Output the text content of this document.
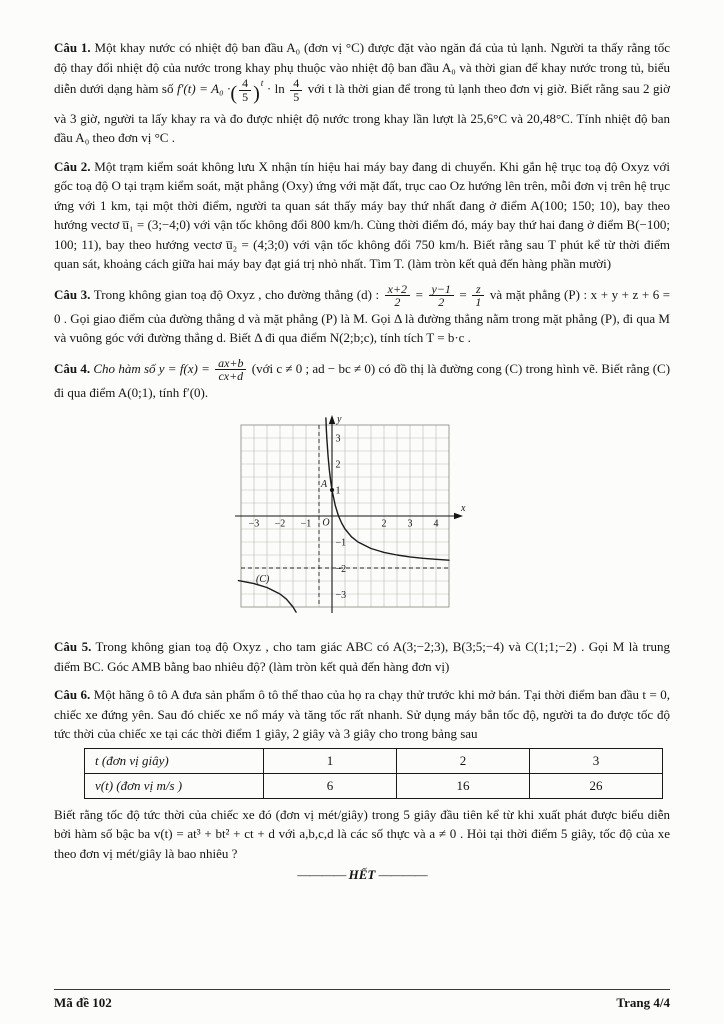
Câu 1. Một khay nước có nhiệt độ ban đầu A₀ (đơn vị °C) được đặt vào ngăn đá của tủ lạnh. Người ta thấy rằng tốc độ thay đổi nhiệt độ của nước trong khay phụ thuộc vào nhiệt độ ban đầu A₀ và thời gian để khay nước trong tủ, biểu diễn dưới dạng hàm số f′(t) = A₀ ·( $\frac{4}{5} )^t \cdot \ln \frac{4}{5}$ với t là thời gian để trong tủ lạnh theo đơn vị giờ. Biết rằng sau 2 giờ và 3 giờ, người ta lấy khay ra và đo được nhiệt độ nước trong khay lần lượt là 25,6°C và 20,48°C. Tính nhiệt độ ban đầu A₀ theo đơn vị °C .

Câu 2. Một trạm kiểm soát không lưu X nhận tín hiệu hai máy bay đang di chuyển. Khi gắn hệ trục toạ độ Oxyz với gốc toạ độ O tại trạm kiểm soát, mặt phẳng (Oxy) ứng với mặt đất, trục cao Oz hướng lên trên, mỗi đơn vị trên hệ trục ứng với 1 km, tại một thời điểm, người ta quan sát thấy máy bay thứ nhất đang ở điểm A(100; 150; 10), bay theo hướng vectơ u̅₁ = (3;−4;0) với vận tốc không đổi 800 km/h. Cùng thời điểm đó, máy bay thứ hai đang ở điểm B(−100; 100; 11), bay theo hướng vectơ u̅₂ = (4;3;0) với vận tốc không đổi 750 km/h. Biết rằng sau T phút kể từ thời điểm quan sát, khoảng cách giữa hai máy bay đạt giá trị nhỏ nhất. Tìm T. (làm tròn kết quả đến hàng phần mười)

Câu 3. Trong không gian toạ độ Oxyz , cho đường thẳng (d) : $\frac{x+2}{2} = \frac{y-1}{2} = \frac{z}{1}$ và mặt phẳng (P) : x + y + z + 6 = 0 . Gọi giao điểm của đường thẳng d và mặt phẳng (P) là M. Gọi Δ là đường thẳng nằm trong mặt phẳng (P), đi qua M và vuông góc với đường thẳng d. Biết Δ đi qua điểm N(2;b;c), tính tích T = b·c .

Câu 4. Cho hàm số $y = f(x) = \frac{ax+b}{cx+d}$ (với c ≠ 0 ; ad − bc ≠ 0) có đồ thị là đường cong (C) trong hình vẽ. Biết rằng (C) đi qua điểm A(0;1), tính f′(0).

A
−3 −2 −1	2 3 4
O
3
2
1
−1
−2
−3
x
y
(C)

Câu 5. Trong không gian toạ độ Oxyz , cho tam giác ABC có A(3;−2;3), B(3;5;−4) và C(1;1;−2) . Gọi M là trung điểm BC. Góc AMB bằng bao nhiêu độ? (làm tròn kết quả đến hàng đơn vị)

Câu 6. Một hãng ô tô A đưa sản phẩm ô tô thể thao của họ ra chạy thử trước khi mở bán. Tại thời điểm ban đầu t = 0, chiếc xe đứng yên. Sau đó chiếc xe nổ máy và tăng tốc rất nhanh. Sử dụng máy bắn tốc độ, người ta đo được tốc độ tức thời của chiếc xe tại các thời điểm 1 giây, 2 giây và 3 giây cho trong bảng sau

t (đơn vị giây)	1	2	3
v(t) (đơn vị m/s )	6	16	26

Biết rằng tốc độ tức thời của chiếc xe đó (đơn vị mét/giây) trong 5 giây đầu tiên kể từ khi xuất phát được biểu diễn bởi hàm số bậc ba v(t) = at³ + bt² + ct + d với a,b,c,d là các số thực và a ≠ 0 . Hỏi tại thời điểm 5 giây, tốc độ của xe theo đơn vị mét/giây là bao nhiêu ?

———— HẾT ————
Mã đề 102	Trang 4/4
